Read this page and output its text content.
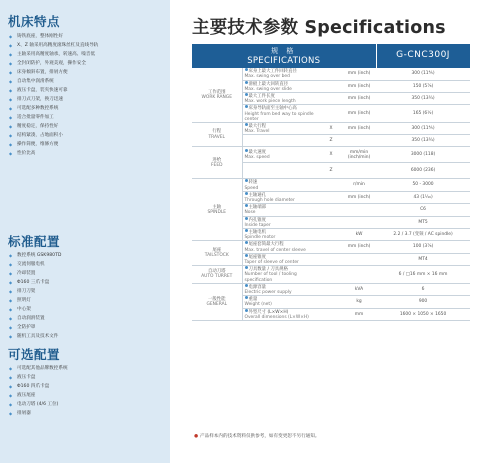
机床特点
◆ 铸铁底座，整体刚性好
◆ X、Z 轴采用高精度滚珠丝杠及直线导轨
◆ 主轴采用高精度轴承，转速高、噪音低
◆ 全封闭防护，外观美观，操作安全
◆ 床身倾斜布置，排屑方便
◆ 自动集中润滑系统
◆ 液压卡盘，装夹快速可靠
◆ 排刀式刀架，换刀迅速
◆ 可选配多种数控系统
◆ 适合批量零件加工
◆ 精度稳定，保持性好
◆ 结构紧凑，占地面积小
◆ 操作简便，维修方便
◆ 性价比高
标准配置
◆ 数控系统 GSK980TD
◆ 交流伺服电机
◆ 冷却装置
◆ Φ160 三爪卡盘
◆ 排刀刀架
◆ 照明灯
◆ 中心架
◆ 自动润滑装置
◆ 全防护罩
◆ 随机工具及技术文件
可选配置
◆ 可选配其他品牌数控系统
◆ 液压卡盘
◆ Φ160 四爪卡盘
◆ 液压尾座
◆ 电动刀塔 (4/6 工位)
◆ 排屑器
主要技术参数 Specifications
规 格
SPECIFICATIONS				G-CNC300J

工作范围
WORK RANGE	床身上最大工件回转直径
Max. swing over bed		mm (inch)	300 (11⁴⁄₅)
	滑板上最大回转直径
Max. swing over slide		mm (inch)	150 (5⁷⁄₈)
	最大工件长度
Max. work piece length		mm (inch)	350 (13³⁄₄)
	床身导轨面至主轴中心高
Height from bed way to spindle center		mm (inch)	165 (6¹⁄₂)

行程
TRAVEL	最大行程
Max. Travel	X	mm (inch)	300 (11⁴⁄₅)
		Z		350 (13³⁄₄)

进给
FEED	最大速度
Max. speed	X	mm/min (inch/min)	3000 (118)
		Z		6000 (236)

主轴
SPINDLE	转速
Speed		r/min	50 - 3000
	主轴通孔
Through hole diameter		mm (inch)	43 (1¹⁄₁₆)
	主轴端部
Nose			C6
	内孔锥度
Inside taper			MT5
	主轴电机
Spindle motor		kW	2.2 / 3.7 (变频 / AC spindle)

尾座
TAILSTOCK	尾座套筒最大行程
Max. travel of center sleeve		mm (inch)	100 (3⁷⁄₈)
	尾座锥度
Taper of sleeve of center			MT4

自动刀塔
AUTO TURRET	刀具数量 / 刀具规格
Number of tool / tooling specification			6 / □16 mm × 16 mm

一般性能
GENERAL	电源容量
Electric power supply		kVA	6
	重量
Weight (net)		kg	900
	外型尺寸 (L×W×H)
Overall dimensions (L×W×H)		mm	1600 × 1050 × 1650
● 产品样本内的技术资料仅供参考，如有变更恕不另行通知。
